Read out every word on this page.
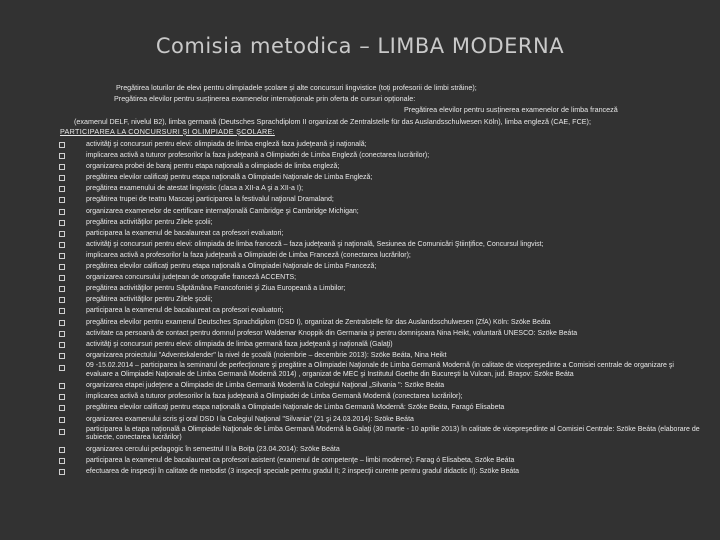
Comisia metodica – LIMBA MODERNA

Pregătirea loturilor de elevi pentru olimpiadele școlare și alte concursuri lingvistice (toți profesorii de limbi străine);

Pregătirea elevilor pentru susținerea examenelor internaționale prin oferta de cursuri opționale:

Pregătirea elevilor pentru susținerea examenelor de limba franceză

(examenul DELF, nivelul B2), limba germană (Deutsches Sprachdiplom II organizat de Zentralstelle für das Auslandsschulwesen Köln), limba engleză (CAE, FCE);

PARTICIPAREA LA CONCURSURI ŞI OLIMPIADE ŞCOLARE:
activităţi şi concursuri pentru elevi: olimpiada de limba engleză faza judeţeană şi naţională;
implicarea activă a tuturor profesorilor la faza judeţeană a Olimpiadei de Limba Engleză (conectarea lucrărilor);
organizarea probei de baraj pentru etapa naţională a olimpiadei de limba engleză;
pregătirea elevilor calificaţi pentru etapa naţională a Olimpiadei Naţionale de Limba Engleză;
pregătirea examenului de atestat lingvistic (clasa a XII-a A şi a XII-a I);
pregătirea trupei de teatru Mascaşi participarea la festivalul naţional Dramaland;
organizarea examenelor de certificare internaţională Cambridge şi Cambridge Michigan;
pregătirea activităţilor pentru Zilele şcolii;
participarea la examenul de bacalaureat ca profesori evaluatori;
activităţi şi concursuri pentru elevi: olimpiada de limba franceză – faza judeţeană şi naţională, Sesiunea de Comunicări Ştiinţifice, Concursul lingvist;
implicarea activă a profesorilor la faza judeţeană a Olimpiadei de Limba Franceză (conectarea lucrărilor);
pregătirea elevilor calificaţi pentru etapa naţională a Olimpiadei Naţionale de Limba Franceză;
organizarea concursului judeţean de ortografie franceză ACCENTS;
pregătirea activităţilor pentru Săptămâna Francofoniei şi Ziua Europeană a Limbilor;
pregătirea activităţilor pentru Zilele şcolii;
participarea la examenul de bacalaureat ca profesori evaluatori;
pregătirea elevilor pentru examenul Deutsches Sprachdiplom (DSD I), organizat de Zentralstelle für das Auslandsschulwesen (ZfA) Köln: Szöke Beáta
activitate ca persoană de contact pentru domnul profesor Waldemar Knoppik din Germania şi pentru domnişoara Nina Heikt, voluntară UNESCO: Szöke Beáta
activităţi şi concursuri pentru elevi: olimpiada de limba germană faza judeţeană şi naţională (Galaţi)
organizarea proiectului "Adventskalender" la nivel de şcoală (noiembrie – decembrie 2013): Szöke Beáta, Nina Heikt
09 -15.02.2014 – participarea la seminarul de perfecţionare şi pregătire a Olimpiadei Naţionale de Limba Germană Modernă (in calitate de vicepreşedinte a Comisiei centrale de organizare şi evaluare a Olimpiadei Naţionale de Limba Germană Modernă 2014) , organizat de MEC şi Institutul Goethe din Bucureşti la Vulcan, jud. Braşov: Szöke Beáta
organizarea etapei judeţene a Olimpiadei de Limba Germană Modernă la Colegiul Naţional „Silvania ": Szöke Beáta
implicarea activă a tuturor profesorilor la faza judeţeană a Olimpiadei de Limba Germană Modernă (conectarea lucrărilor);
pregătirea elevilor calificaţi pentru etapa naţională a Olimpiadei Naţionale de Limba Germană Modernă: Szöke Beáta, Faragó Elisabeta
organizarea examenului scris şi oral DSD I la Colegiul Naţional "Silvania" (21 şi 24.03.2014): Szöke Beáta
participarea la etapa naţională a Olimpiadei Naţionale de Limba Germană Modernă la Galaţi (30 martie - 10 aprilie 2013) în calitate de vicepreşedinte al Comisiei Centrale: Szöke Beáta (elaborare de subiecte, conectarea lucrărilor)
organizarea cercului pedagogic în semestrul II la Boiţa (23.04.2014): Szöke Beáta
participarea la examenul de bacalaureat ca profesori asistent (examenul de competenţe – limbi moderne): Farag ó Elisabeta, Szöke Beáta
efectuarea de inspecţii în calitate de metodist (3 inspecţii speciale pentru gradul II; 2 inspecţii curente pentru gradul didactic II): Szöke Beáta
